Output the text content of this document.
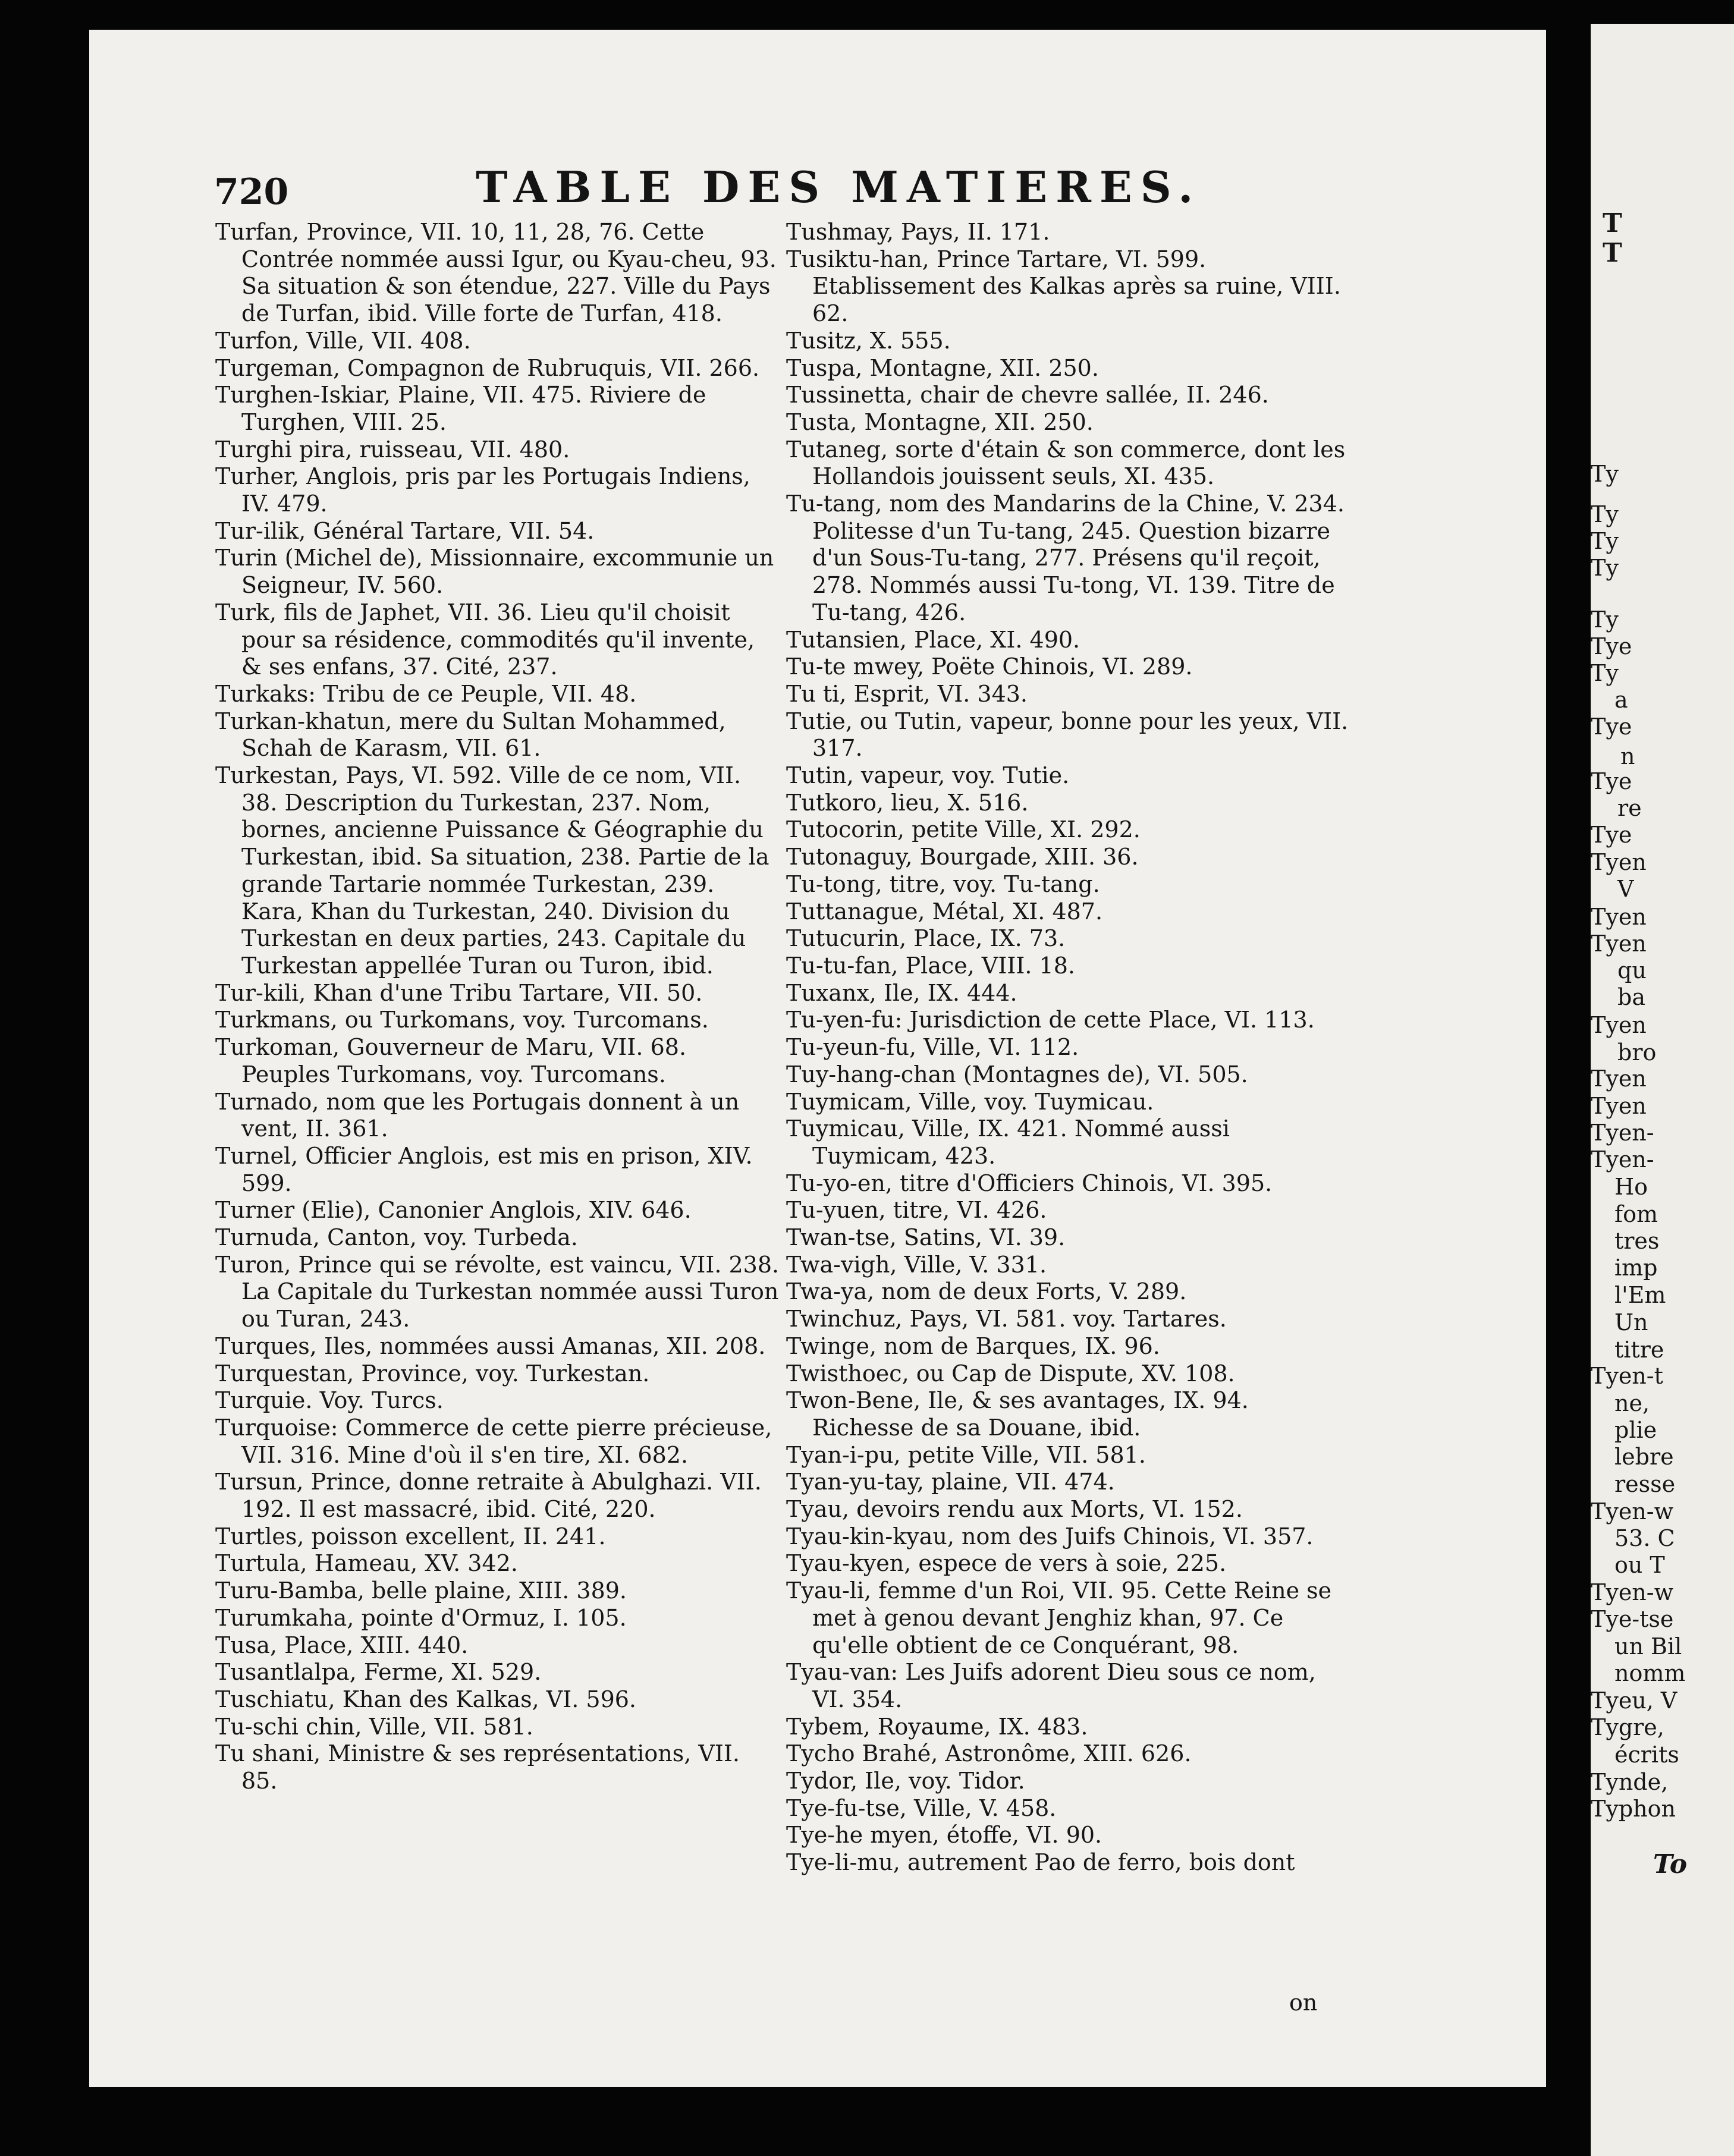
720	TABLE DES MATIERES.

Turfan, Province, VII. 10, 11, 28, 76. Cette Contrée nommée aussi Igur, ou Kyau-cheu, 93. Sa situation & son étendue, 227. Ville du Pays de Turfan, ibid. Ville forte de Turfan, 418.

Turfon, Ville, VII. 408.

Turgeman, Compagnon de Rubruquis, VII. 266.

Turghen-Iskiar, Plaine, VII. 475. Riviere de Turghen, VIII. 25.

Turghi pira, ruisseau, VII. 480.

Turher, Anglois, pris par les Portugais Indiens, IV. 479.

Tur-ilik, Général Tartare, VII. 54.

Turin (Michel de), Missionnaire, excommunie un Seigneur, IV. 560.

Turk, fils de Japhet, VII. 36. Lieu qu'il choisit pour sa résidence, commodités qu'il invente, & ses enfans, 37. Cité, 237.

Turkaks: Tribu de ce Peuple, VII. 48.

Turkan-khatun, mere du Sultan Mohammed, Schah de Karasm, VII. 61.

Turkestan, Pays, VI. 592. Ville de ce nom, VII. 38. Description du Turkestan, 237. Nom, bornes, ancienne Puissance & Géographie du Turkestan, ibid. Sa situation, 238. Partie de la grande Tartarie nommée Turkestan, 239. Kara, Khan du Turkestan, 240. Division du Turkestan en deux parties, 243. Capitale du Turkestan appellée Turan ou Turon, ibid.

Tur-kili, Khan d'une Tribu Tartare, VII. 50.

Turkmans, ou Turkomans, voy. Turcomans.

Turkoman, Gouverneur de Maru, VII. 68. Peuples Turkomans, voy. Turcomans.

Turnado, nom que les Portugais donnent à un vent, II. 361.

Turnel, Officier Anglois, est mis en prison, XIV. 599.

Turner (Elie), Canonier Anglois, XIV. 646.

Turnuda, Canton, voy. Turbeda.

Turon, Prince qui se révolte, est vaincu, VII. 238. La Capitale du Turkestan nommée aussi Turon ou Turan, 243.

Turques, Iles, nommées aussi Amanas, XII. 208.

Turquestan, Province, voy. Turkestan.

Turquie. Voy. Turcs.

Turquoise: Commerce de cette pierre précieuse, VII. 316. Mine d'où il s'en tire, XI. 682.

Tursun, Prince, donne retraite à Abulghazi. VII. 192. Il est massacré, ibid. Cité, 220.

Turtles, poisson excellent, II. 241.

Turtula, Hameau, XV. 342.

Turu-Bamba, belle plaine, XIII. 389.

Turumkaha, pointe d'Ormuz, I. 105.

Tusa, Place, XIII. 440.

Tusantlalpa, Ferme, XI. 529.

Tuschiatu, Khan des Kalkas, VI. 596.

Tu-schi chin, Ville, VII. 581.

Tu shani, Ministre & ses représentations, VII. 85.

Tushmay, Pays, II. 171.

Tusiktu-han, Prince Tartare, VI. 599. Etablissement des Kalkas après sa ruine, VIII. 62.

Tusitz, X. 555.

Tuspa, Montagne, XII. 250.

Tussinetta, chair de chevre sallée, II. 246.

Tusta, Montagne, XII. 250.

Tutaneg, sorte d'étain & son commerce, dont les Hollandois jouissent seuls, XI. 435.

Tu-tang, nom des Mandarins de la Chine, V. 234. Politesse d'un Tu-tang, 245. Question bizarre d'un Sous-Tu-tang, 277. Présens qu'il reçoit, 278. Nommés aussi Tu-tong, VI. 139. Titre de Tu-tang, 426.

Tutansien, Place, XI. 490.

Tu-te mwey, Poëte Chinois, VI. 289.

Tu ti, Esprit, VI. 343.

Tutie, ou Tutin, vapeur, bonne pour les yeux, VII. 317.

Tutin, vapeur, voy. Tutie.

Tutkoro, lieu, X. 516.

Tutocorin, petite Ville, XI. 292.

Tutonaguy, Bourgade, XIII. 36.

Tu-tong, titre, voy. Tu-tang.

Tuttanague, Métal, XI. 487.

Tutucurin, Place, IX. 73.

Tu-tu-fan, Place, VIII. 18.

Tuxanx, Ile, IX. 444.

Tu-yen-fu: Jurisdiction de cette Place, VI. 113.

Tu-yeun-fu, Ville, VI. 112.

Tuy-hang-chan (Montagnes de), VI. 505.

Tuymicam, Ville, voy. Tuymicau.

Tuymicau, Ville, IX. 421. Nommé aussi Tuymicam, 423.

Tu-yo-en, titre d'Officiers Chinois, VI. 395.

Tu-yuen, titre, VI. 426.

Twan-tse, Satins, VI. 39.

Twa-vigh, Ville, V. 331.

Twa-ya, nom de deux Forts, V. 289.

Twinchuz, Pays, VI. 581. voy. Tartares.

Twinge, nom de Barques, IX. 96.

Twisthoec, ou Cap de Dispute, XV. 108.

Twon-Bene, Ile, & ses avantages, IX. 94. Richesse de sa Douane, ibid.

Tyan-i-pu, petite Ville, VII. 581.

Tyan-yu-tay, plaine, VII. 474.

Tyau, devoirs rendu aux Morts, VI. 152.

Tyau-kin-kyau, nom des Juifs Chinois, VI. 357.

Tyau-kyen, espece de vers à soie, 225.

Tyau-li, femme d'un Roi, VII. 95. Cette Reine se met à genou devant Jenghiz khan, 97. Ce qu'elle obtient de ce Conquérant, 98.

Tyau-van: Les Juifs adorent Dieu sous ce nom, VI. 354.

Tybem, Royaume, IX. 483.

Tycho Brahé, Astronôme, XIII. 626.

Tydor, Ile, voy. Tidor.

Tye-fu-tse, Ville, V. 458.

Tye-he myen, étoffe, VI. 90.

Tye-li-mu, autrement Pao de ferro, bois dont

on
T
T
To
Ty
Ty
Ty
Ty
Ty
Tye
Ty
a
Tye
n
Tye
re
Tye
Tyen
V
Tyen
Tyen
qu
ba
Tyen
bro
Tyen
Tyen
Tyen-
Tyen-
Ho
fom
tres
imp
l'Em
Un
titre
Tyen-t
ne,
plie
lebre
resse
Tyen-w
53. C
ou T
Tyen-w
Tye-tse
un Bil
nomm
Tyeu, V
Tygre,
écrits
Tynde,
Typhon
